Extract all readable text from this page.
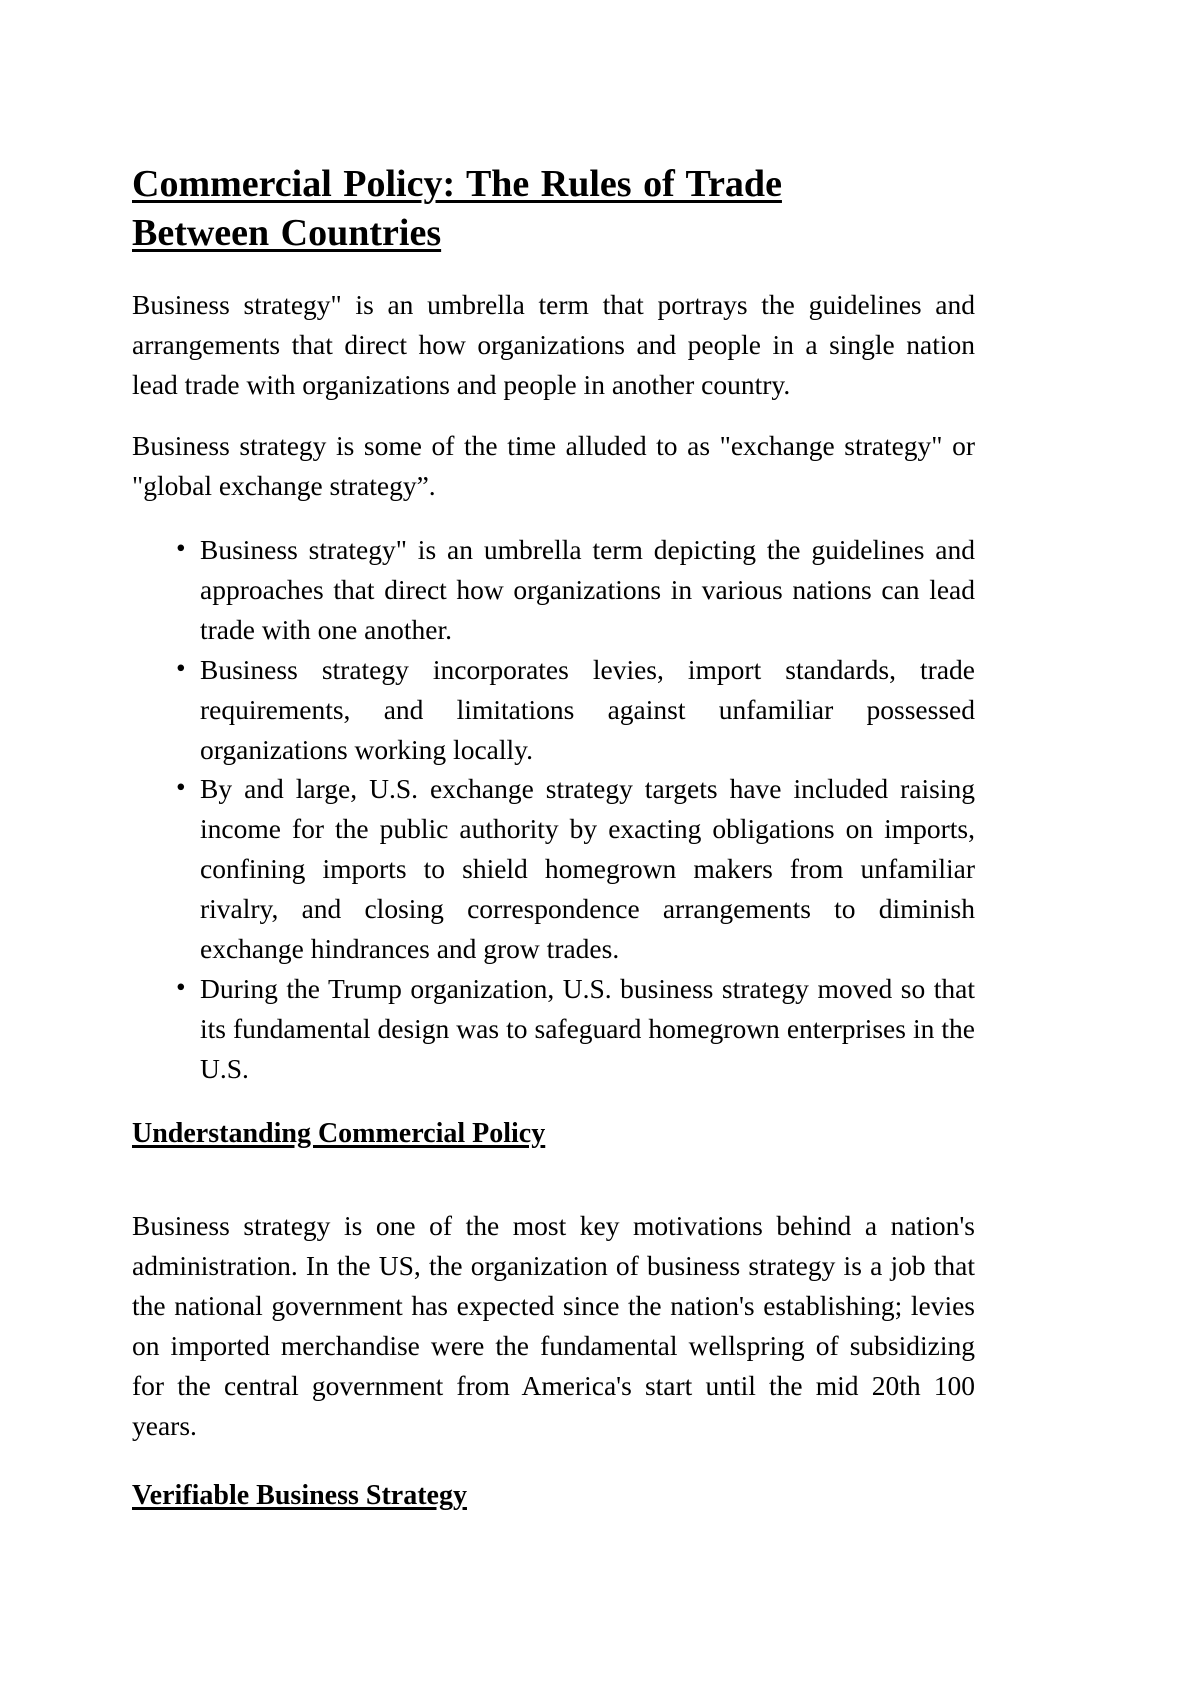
Commercial Policy: The Rules of Trade
Between Countries

Business strategy" is an umbrella term that portrays the guidelines and arrangements that direct how organizations and people in a single nation lead trade with organizations and people in another country.

Business strategy is some of the time alluded to as "exchange strategy" or "global exchange strategy”.

• Business strategy" is an umbrella term depicting the guidelines and approaches that direct how organizations in various nations can lead trade with one another.
• Business strategy incorporates levies, import standards, trade requirements, and limitations against unfamiliar possessed organizations working locally.
• By and large, U.S. exchange strategy targets have included raising income for the public authority by exacting obligations on imports, confining imports to shield homegrown makers from unfamiliar rivalry, and closing correspondence arrangements to diminish exchange hindrances and grow trades.
• During the Trump organization, U.S. business strategy moved so that its fundamental design was to safeguard homegrown enterprises in the U.S.
Understanding Commercial Policy

Business strategy is one of the most key motivations behind a nation's administration. In the US, the organization of business strategy is a job that the national government has expected since the nation's establishing; levies on imported merchandise were the fundamental wellspring of subsidizing for the central government from America's start until the mid 20th 100 years.

Verifiable Business Strategy
